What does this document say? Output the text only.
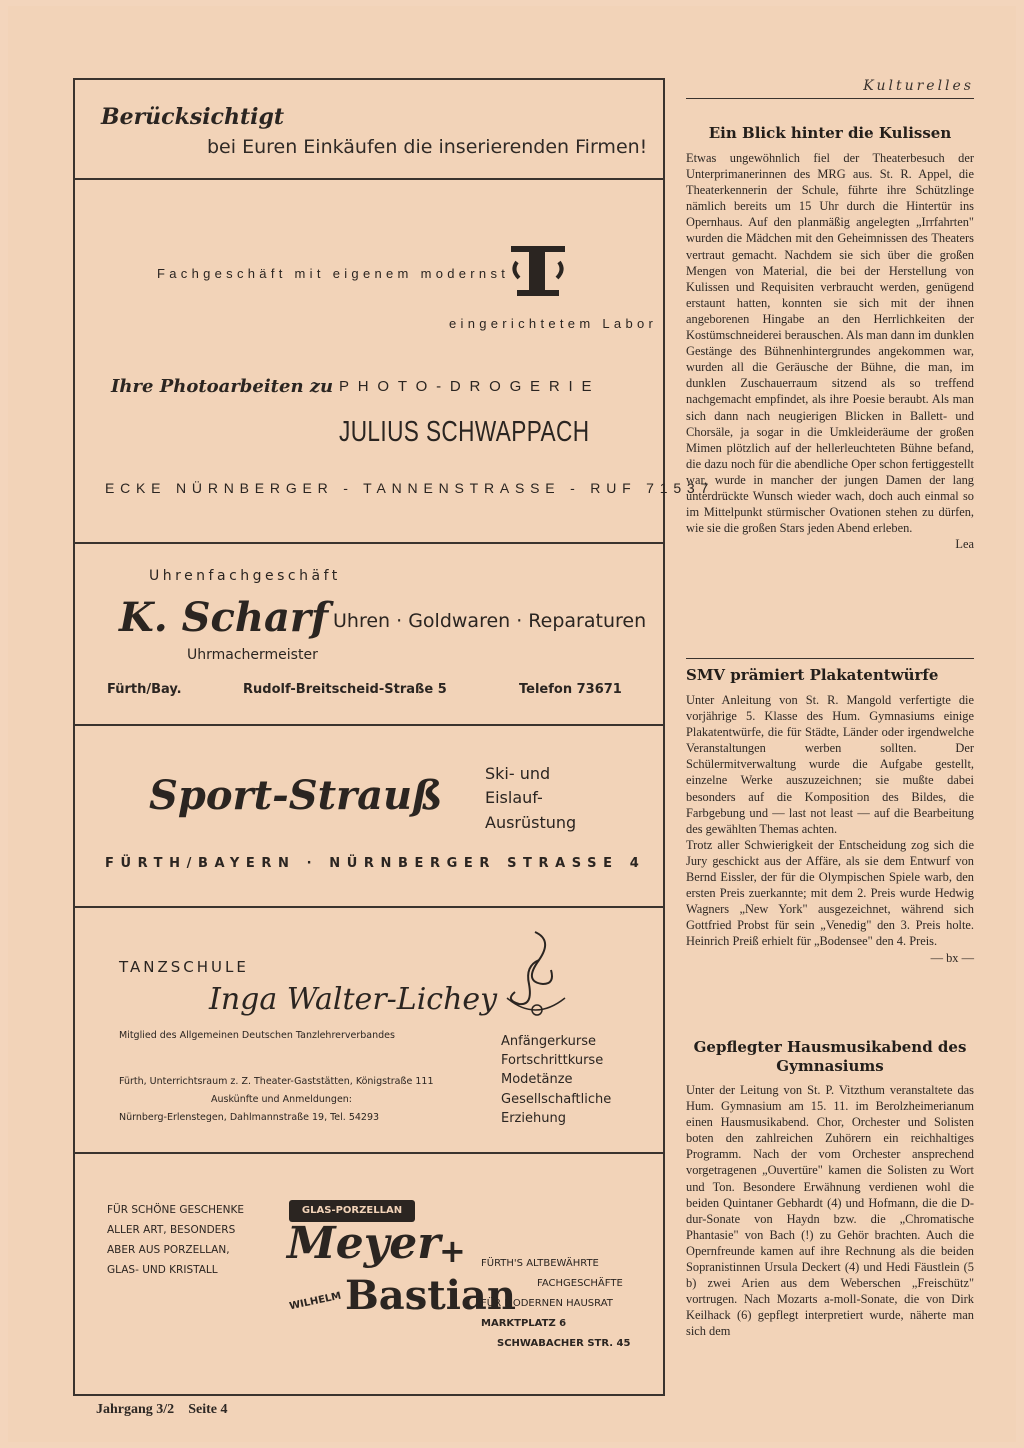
Berücksichtigt
bei Euren Einkäufen die inserierenden Firmen!
Fachgeschäft mit eigenem modernst
eingerichtetem Labor
Ihre Photoarbeiten zu PHOTO-DROGERIE
JULIUS SCHWAPPACH
ECKE NÜRNBERGER - TANNENSTRASSE - RUF 71537
Uhrenfachgeschäft
K. Scharf Uhren · Goldwaren · Reparaturen
Uhrmachermeister
Fürth/Bay.	Rudolf-Breitscheid-Straße 5	Telefon 73671
Sport-Strauß	Ski- und
Eislauf-
Ausrüstung
FÜRTH/BAYERN · NÜRNBERGER STRASSE 4
TANZSCHULE
Inga Walter-Lichey
Mitglied des Allgemeinen Deutschen Tanzlehrerverbandes
Fürth, Unterrichtsraum z. Z. Theater-Gaststätten, Königstraße 111
Auskünfte und Anmeldungen:
Nürnberg-Erlenstegen, Dahlmannstraße 19, Tel. 54293
Anfängerkurse
Fortschrittkurse
Modetänze
Gesellschaftliche
Erziehung
FÜR SCHÖNE GESCHENKE
ALLER ART, BESONDERS
ABER AUS PORZELLAN,
GLAS- UND KRISTALL
GLAS-PORZELLAN
Meyer
+
WILHELM Bastian
FÜRTH'S ALTBEWÄHRTE
FACHGESCHÄFTE
FÜR MODERNEN HAUSRAT
MARKTPLATZ 6
SCHWABACHER STR. 45
Kulturelles
Ein Blick hinter die Kulissen

Etwas ungewöhnlich fiel der Theaterbesuch der Unterprimanerinnen des MRG aus. St. R. Appel, die Theaterkennerin der Schule, führte ihre Schützlinge nämlich bereits um 15 Uhr durch die Hintertür ins Opernhaus. Auf den planmäßig angelegten „Irrfahrten" wurden die Mädchen mit den Geheimnissen des Theaters vertraut gemacht. Nachdem sie sich über die großen Mengen von Material, die bei der Herstellung von Kulissen und Requisiten verbraucht werden, genügend erstaunt hatten, konnten sie sich mit der ihnen angeborenen Hingabe an den Herrlichkeiten der Kostümschneiderei berauschen. Als man dann im dunklen Gestänge des Bühnenhintergrundes angekommen war, wurden all die Geräusche der Bühne, die man, im dunklen Zuschauerraum sitzend als so treffend nachgemacht empfindet, als ihre Poesie beraubt. Als man sich dann nach neugierigen Blicken in Ballett- und Chorsäle, ja sogar in die Umkleideräume der großen Mimen plötzlich auf der hellerleuchteten Bühne befand, die dazu noch für die abendliche Oper schon fertiggestellt war, wurde in mancher der jungen Damen der lang unterdrückte Wunsch wieder wach, doch auch einmal so im Mittelpunkt stürmischer Ovationen stehen zu dürfen, wie sie die großen Stars jeden Abend erleben.

Lea

SMV prämiert Plakatentwürfe

Unter Anleitung von St. R. Mangold verfertigte die vorjährige 5. Klasse des Hum. Gymnasiums einige Plakatentwürfe, die für Städte, Länder oder irgendwelche Veranstaltungen werben sollten. Der Schülermitverwaltung wurde die Aufgabe gestellt, einzelne Werke auszuzeichnen; sie mußte dabei besonders auf die Komposition des Bildes, die Farbgebung und — last not least — auf die Bearbeitung des gewählten Themas achten.

Trotz aller Schwierigkeit der Entscheidung zog sich die Jury geschickt aus der Affäre, als sie dem Entwurf von Bernd Eissler, der für die Olympischen Spiele warb, den ersten Preis zuerkannte; mit dem 2. Preis wurde Hedwig Wagners „New York" ausgezeichnet, während sich Gottfried Probst für sein „Venedig" den 3. Preis holte. Heinrich Preiß erhielt für „Bodensee" den 4. Preis.

— bx —

Gepflegter Hausmusikabend des Gymnasiums

Unter der Leitung von St. P. Vitzthum veranstaltete das Hum. Gymnasium am 15. 11. im Berolzheimerianum einen Hausmusikabend. Chor, Orchester und Solisten boten den zahlreichen Zuhörern ein reichhaltiges Programm. Nach der vom Orchester ansprechend vorgetragenen „Ouvertüre" kamen die Solisten zu Wort und Ton. Besondere Erwähnung verdienen wohl die beiden Quintaner Gebhardt (4) und Hofmann, die die D-dur-Sonate von Haydn bzw. die „Chromatische Phantasie" von Bach (!) zu Gehör brachten. Auch die Opernfreunde kamen auf ihre Rechnung als die beiden Sopranistinnen Ursula Deckert (4) und Hedi Fäustlein (5 b) zwei Arien aus dem Weberschen „Freischütz" vortrugen. Nach Mozarts a-moll-Sonate, die von Dirk Keilhack (6) gepflegt interpretiert wurde, näherte man sich dem

Jahrgang 3/2 Seite 4
